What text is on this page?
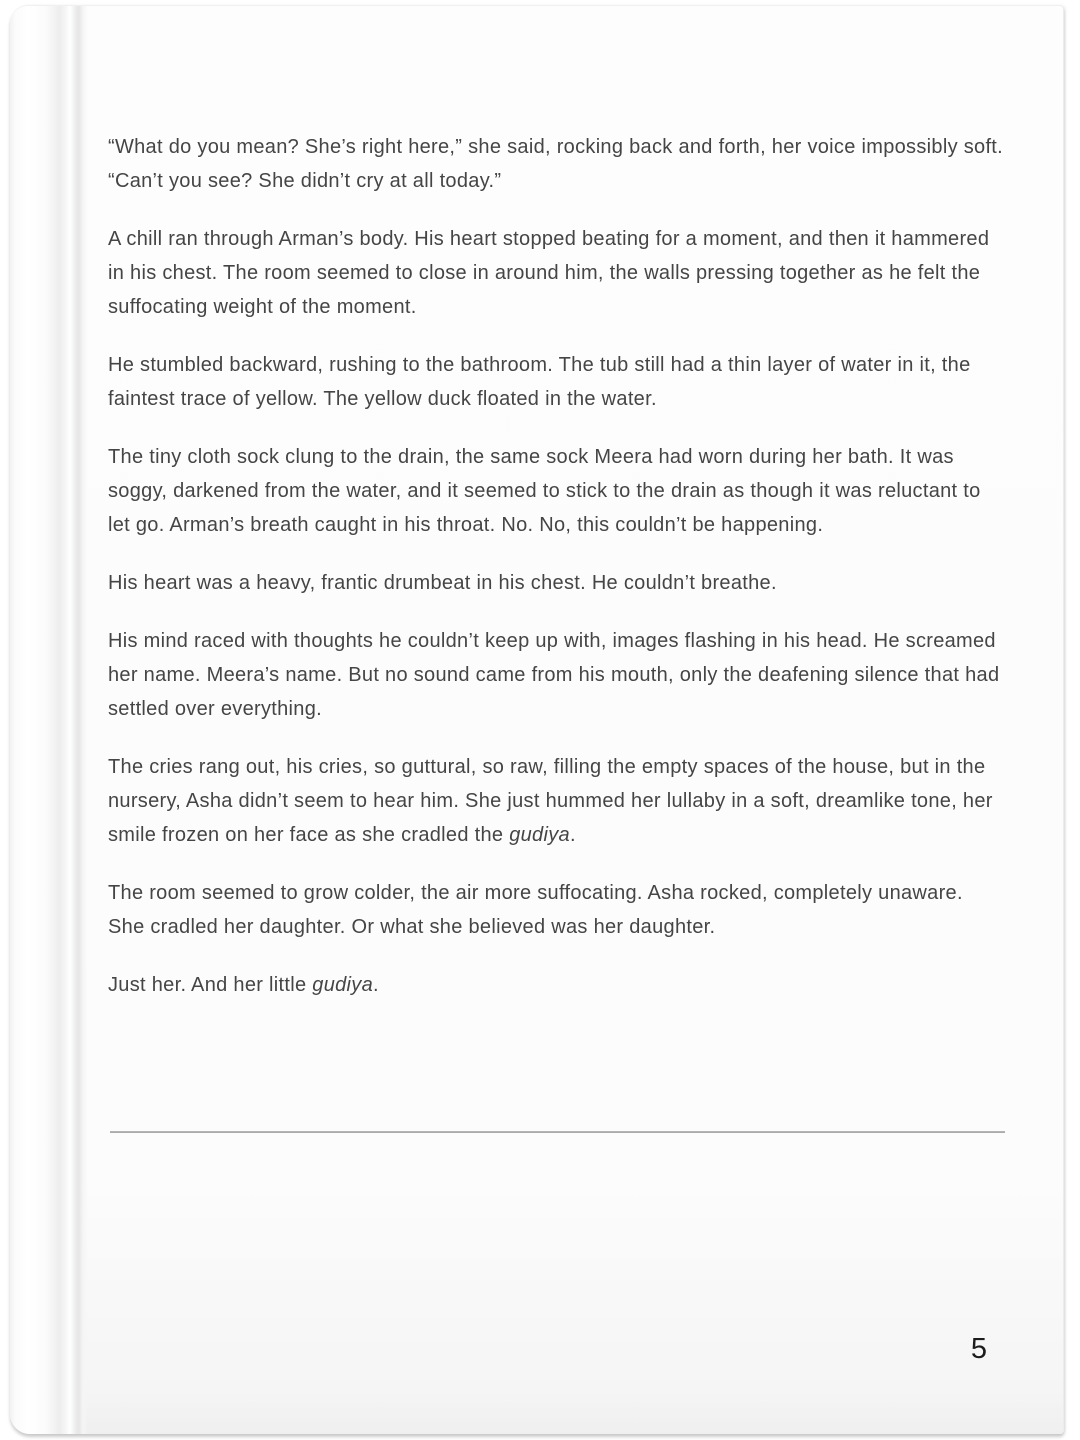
“What do you mean? She’s right here,” she said, rocking back and forth, her voice impossibly soft. “Can’t you see? She didn’t cry at all today.”

A chill ran through Arman’s body. His heart stopped beating for a moment, and then it hammered in his chest. The room seemed to close in around him, the walls pressing together as he felt the suffocating weight of the moment.

He stumbled backward, rushing to the bathroom. The tub still had a thin layer of water in it, the faintest trace of yellow. The yellow duck floated in the water.

The tiny cloth sock clung to the drain, the same sock Meera had worn during her bath. It was soggy, darkened from the water, and it seemed to stick to the drain as though it was reluctant to let go. Arman’s breath caught in his throat. No. No, this couldn’t be happening.

His heart was a heavy, frantic drumbeat in his chest. He couldn’t breathe.

His mind raced with thoughts he couldn’t keep up with, images flashing in his head. He screamed her name. Meera’s name. But no sound came from his mouth, only the deafening silence that had settled over everything.

The cries rang out, his cries, so guttural, so raw, filling the empty spaces of the house, but in the nursery, Asha didn’t seem to hear him. She just hummed her lullaby in a soft, dreamlike tone, her smile frozen on her face as she cradled the gudiya.

The room seemed to grow colder, the air more suffocating. Asha rocked, completely unaware. She cradled her daughter. Or what she believed was her daughter.

Just her. And her little gudiya.

5
